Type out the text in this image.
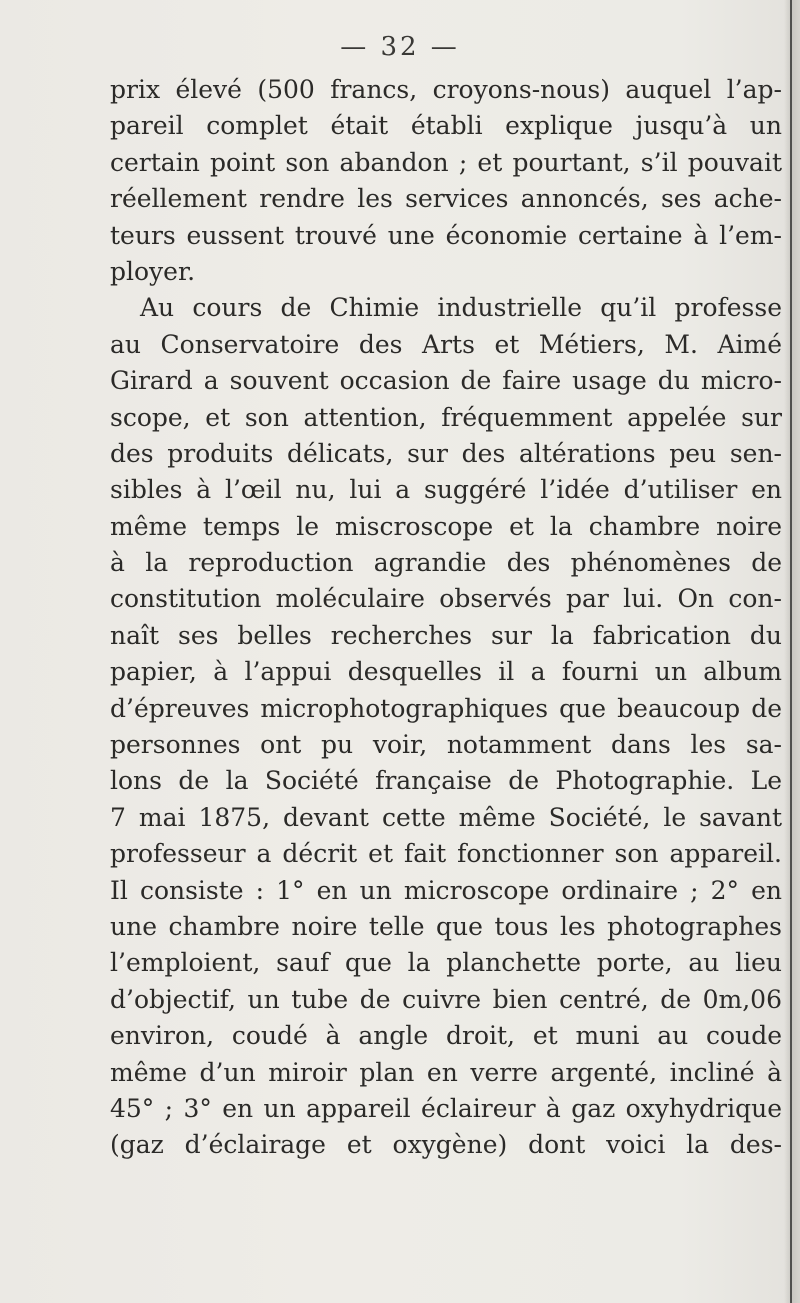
— 32 —
prix élevé (500 francs, croyons-nous) auquel l’ap-
pareil complet était établi explique jusqu’à un
certain point son abandon ; et pourtant, s’il pouvait
réellement rendre les services annoncés, ses ache-
teurs eussent trouvé une économie certaine à l’em-
ployer.
Au cours de Chimie industrielle qu’il professe
au Conservatoire des Arts et Métiers, M. Aimé
Girard a souvent occasion de faire usage du micro-
scope, et son attention, fréquemment appelée sur
des produits délicats, sur des altérations peu sen-
sibles à l’œil nu, lui a suggéré l’idée d’utiliser en
même temps le miscroscope et la chambre noire
à la reproduction agrandie des phénomènes de
constitution moléculaire observés par lui. On con-
naît ses belles recherches sur la fabrication du
papier, à l’appui desquelles il a fourni un album
d’épreuves microphotographiques que beaucoup de
personnes ont pu voir, notamment dans les sa-
lons de la Société française de Photographie. Le
7 mai 1875, devant cette même Société, le savant
professeur a décrit et fait fonctionner son appareil.
Il consiste : 1° en un microscope ordinaire ; 2° en
une chambre noire telle que tous les photographes
l’emploient, sauf que la planchette porte, au lieu
d’objectif, un tube de cuivre bien centré, de 0m,06
environ, coudé à angle droit, et muni au coude
même d’un miroir plan en verre argenté, incliné à
45° ; 3° en un appareil éclaireur à gaz oxyhydrique
(gaz d’éclairage et oxygène) dont voici la des-
